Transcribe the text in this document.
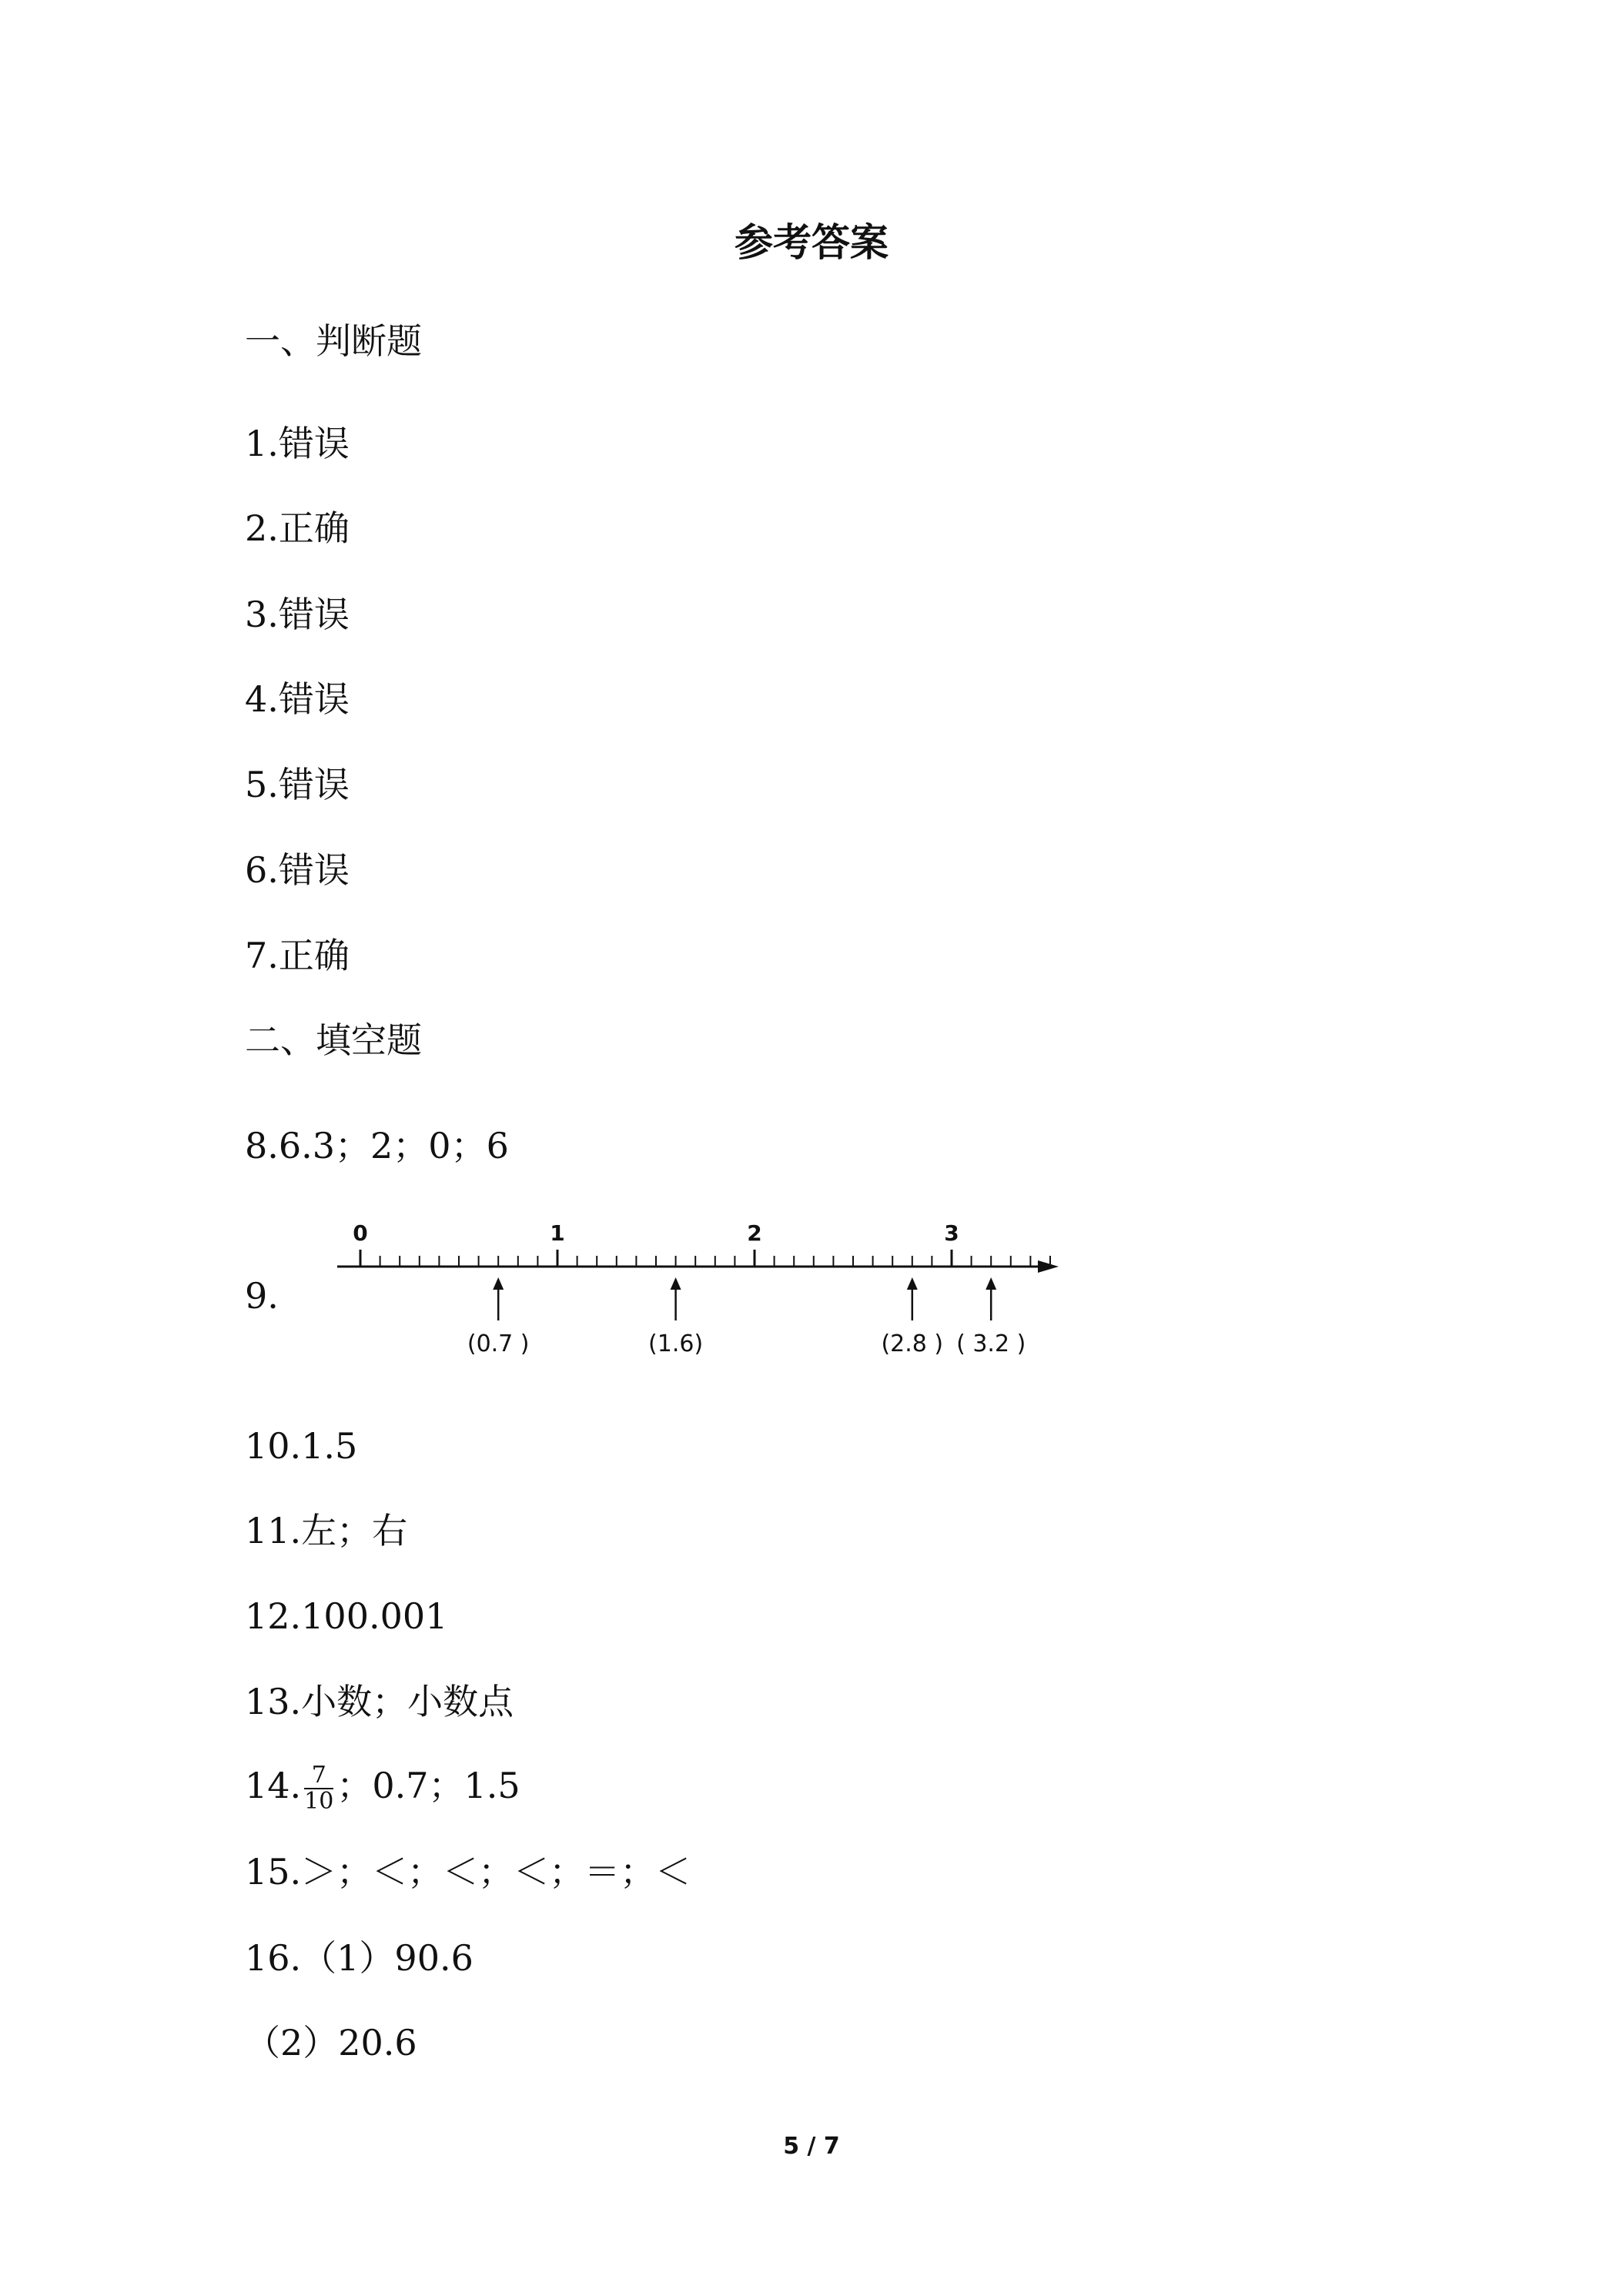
参考答案
一、判断题
1.错误
2.正确
3.错误
4.错误
5.错误
6.错误
7.正确
二、填空题
8.6.3；2；0；6
9.
0	1	2	3
(0.7 )	(1.6)	(2.8 ) ( 3.2 )
10.1.5
11.左；右
12.100.001
13.小数；小数点
14. $\frac{7}{10}$ ；0.7；1.5
15.＞；＜；＜；＜；＝；＜
16.（1）90.6
（2）20.6
5 / 7
